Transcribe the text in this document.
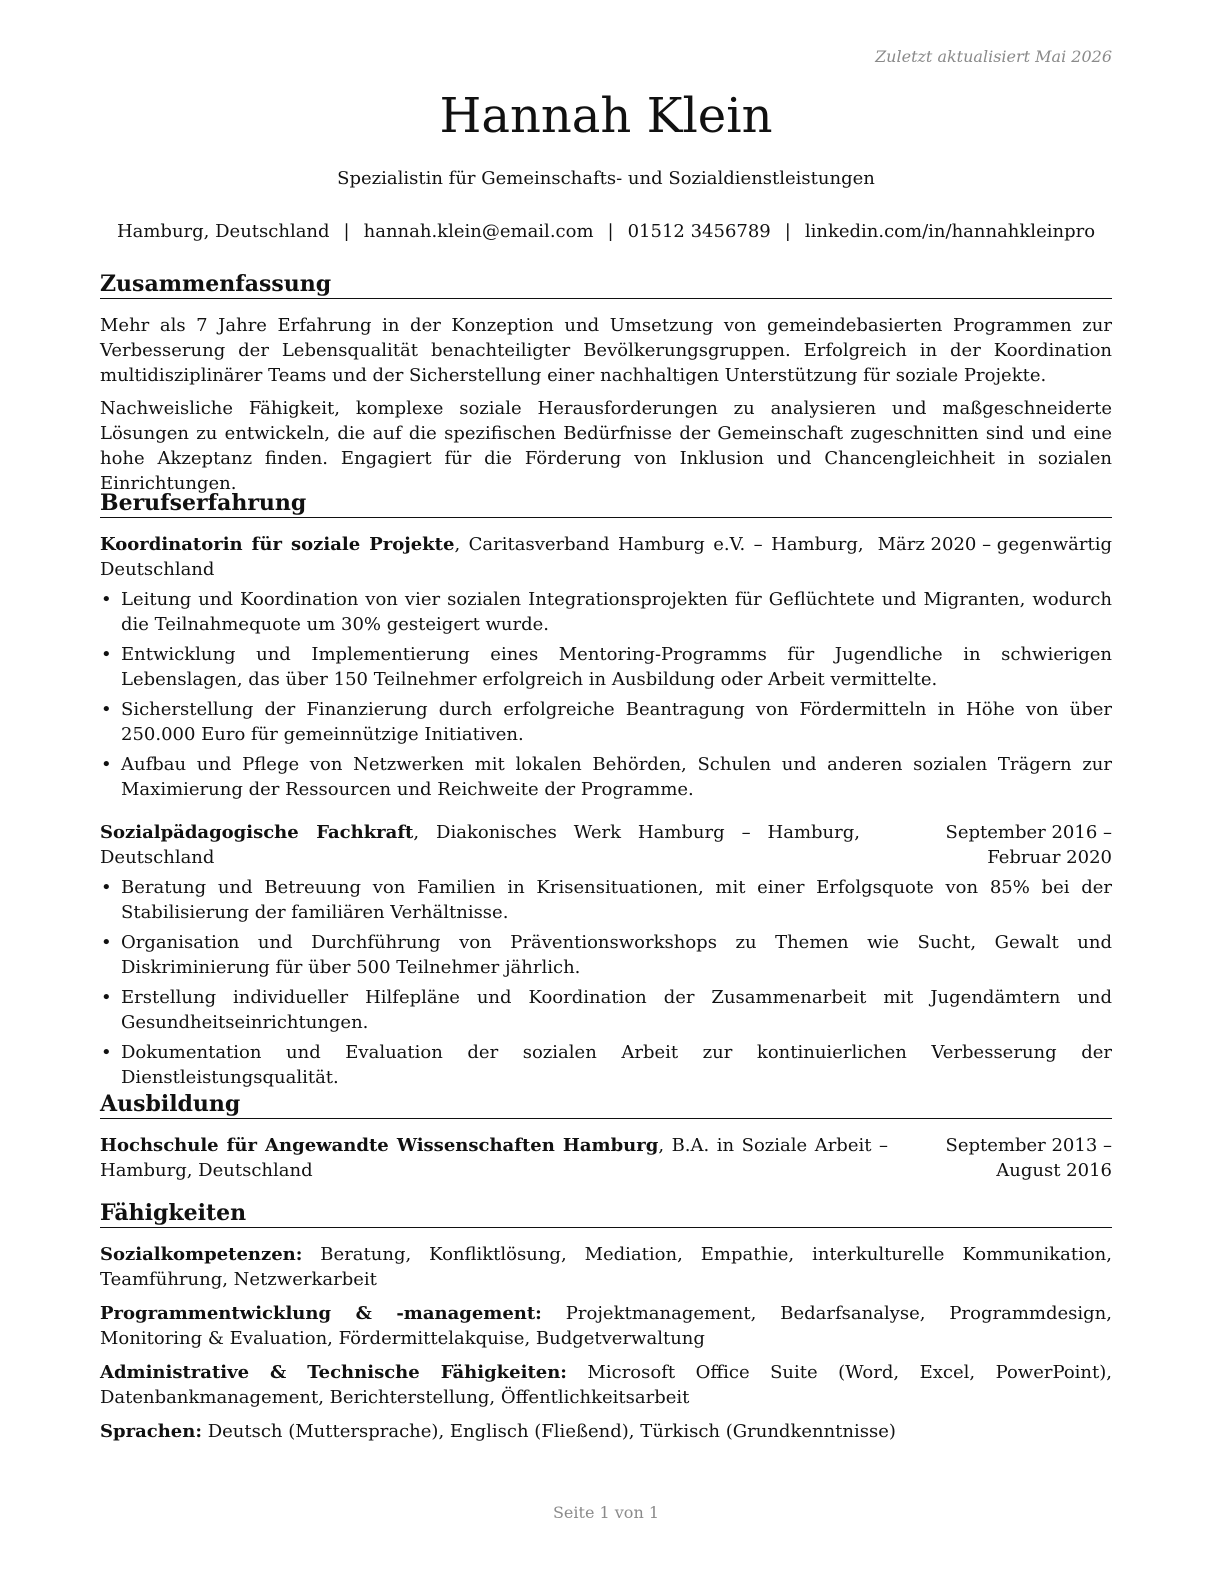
Zuletzt aktualisiert Mai 2026
Hannah Klein
Spezialistin für Gemeinschafts- und Sozialdienstleistungen
Hamburg, Deutschland | hannah.klein@email.com | 01512 3456789 | linkedin.com/in/hannahkleinpro
Zusammenfassung

Mehr als 7 Jahre Erfahrung in der Konzeption und Umsetzung von gemeindebasierten Programmen zur Verbesserung der Lebensqualität benachteiligter Bevölkerungsgruppen. Erfolgreich in der Koordination multidisziplinärer Teams und der Sicherstellung einer nachhaltigen Unterstützung für soziale Projekte.

Nachweisliche Fähigkeit, komplexe soziale Herausforderungen zu analysieren und maßgeschneiderte Lösungen zu entwickeln, die auf die spezifischen Bedürfnisse der Gemeinschaft zugeschnitten sind und eine hohe Akzeptanz finden. Engagiert für die Förderung von Inklusion und Chancengleichheit in sozialen Einrichtungen.

Berufserfahrung
Koordinatorin für soziale Projekte, Caritasverband Hamburg e.V. – Hamburg, Deutschland
März 2020 – gegenwärtig
• Leitung und Koordination von vier sozialen Integrationsprojekten für Geflüchtete und Migranten, wodurch die Teilnahmequote um 30% gesteigert wurde.
• Entwicklung und Implementierung eines Mentoring-Programms für Jugendliche in schwierigen Lebenslagen, das über 150 Teilnehmer erfolgreich in Ausbildung oder Arbeit vermittelte.
• Sicherstellung der Finanzierung durch erfolgreiche Beantragung von Fördermitteln in Höhe von über 250.000 Euro für gemeinnützige Initiativen.
• Aufbau und Pflege von Netzwerken mit lokalen Behörden, Schulen und anderen sozialen Trägern zur Maximierung der Ressourcen und Reichweite der Programme.
Sozialpädagogische Fachkraft, Diakonisches Werk Hamburg – Hamburg, Deutschland
September 2016 – Februar 2020
• Beratung und Betreuung von Familien in Krisensituationen, mit einer Erfolgsquote von 85% bei der Stabilisierung der familiären Verhältnisse.
• Organisation und Durchführung von Präventionsworkshops zu Themen wie Sucht, Gewalt und Diskriminierung für über 500 Teilnehmer jährlich.
• Erstellung individueller Hilfepläne und Koordination der Zusammenarbeit mit Jugendämtern und Gesundheitseinrichtungen.
• Dokumentation und Evaluation der sozialen Arbeit zur kontinuierlichen Verbesserung der Dienstleistungsqualität.
Ausbildung
Hochschule für Angewandte Wissenschaften Hamburg, B.A. in Soziale Arbeit – Hamburg, Deutschland
September 2013 – August 2016
Fähigkeiten

Sozialkompetenzen: Beratung, Konfliktlösung, Mediation, Empathie, interkulturelle Kommunikation, Teamführung, Netzwerkarbeit

Programmentwicklung & -management: Projektmanagement, Bedarfsanalyse, Programmdesign, Monitoring & Evaluation, Fördermittelakquise, Budgetverwaltung

Administrative & Technische Fähigkeiten: Microsoft Office Suite (Word, Excel, PowerPoint), Datenbankmanagement, Berichterstellung, Öffentlichkeitsarbeit

Sprachen: Deutsch (Muttersprache), Englisch (Fließend), Türkisch (Grundkenntnisse)

Seite 1 von 1
